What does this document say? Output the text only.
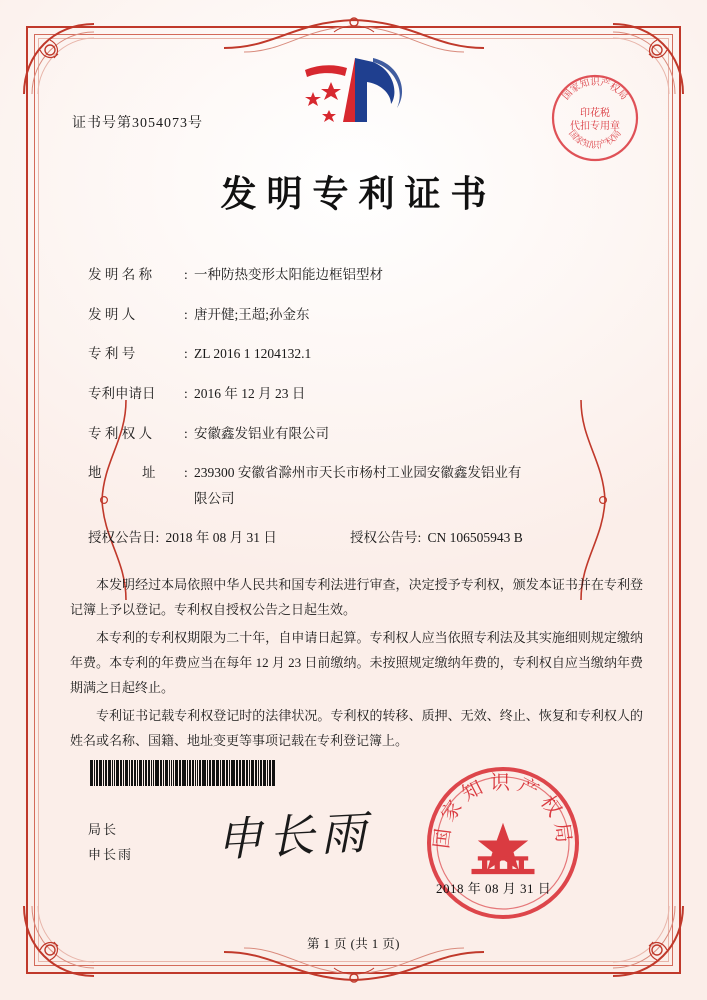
国家知识产权局
国家知识产权局
印花税
代扣专用章
证书号第3054073号
发明专利证书
发 明 名 称	: 一种防热变形太阳能边框铝型材
发 明 人	: 唐开健;王超;孙金东
专 利 号	: ZL 2016 1 1204132.1
专利申请日	: 2016 年 12 月 23 日
专 利 权 人	: 安徽鑫发铝业有限公司
地　　　址	: 239300 安徽省滁州市天长市杨村工业园安徽鑫发铝业有
限公司
授权公告日 : 2018 年 08 月 31 日	授权公告号 : CN 106505943 B

本发明经过本局依照中华人民共和国专利法进行审查，决定授予专利权，颁发本证书并在专利登记簿上予以登记。专利权自授权公告之日起生效。

本专利的专利权期限为二十年，自申请日起算。专利权人应当依照专利法及其实施细则规定缴纳年费。本专利的年费应当在每年 12 月 23 日前缴纳。未按照规定缴纳年费的，专利权自应当缴纳年费期满之日起终止。

专利证书记载专利权登记时的法律状况。专利权的转移、质押、无效、终止、恢复和专利权人的姓名或名称、国籍、地址变更等事项记载在专利登记簿上。

局长
申长雨 申长雨	国家知识产权局
2018 年 08 月 31 日
第 1 页 (共 1 页)
